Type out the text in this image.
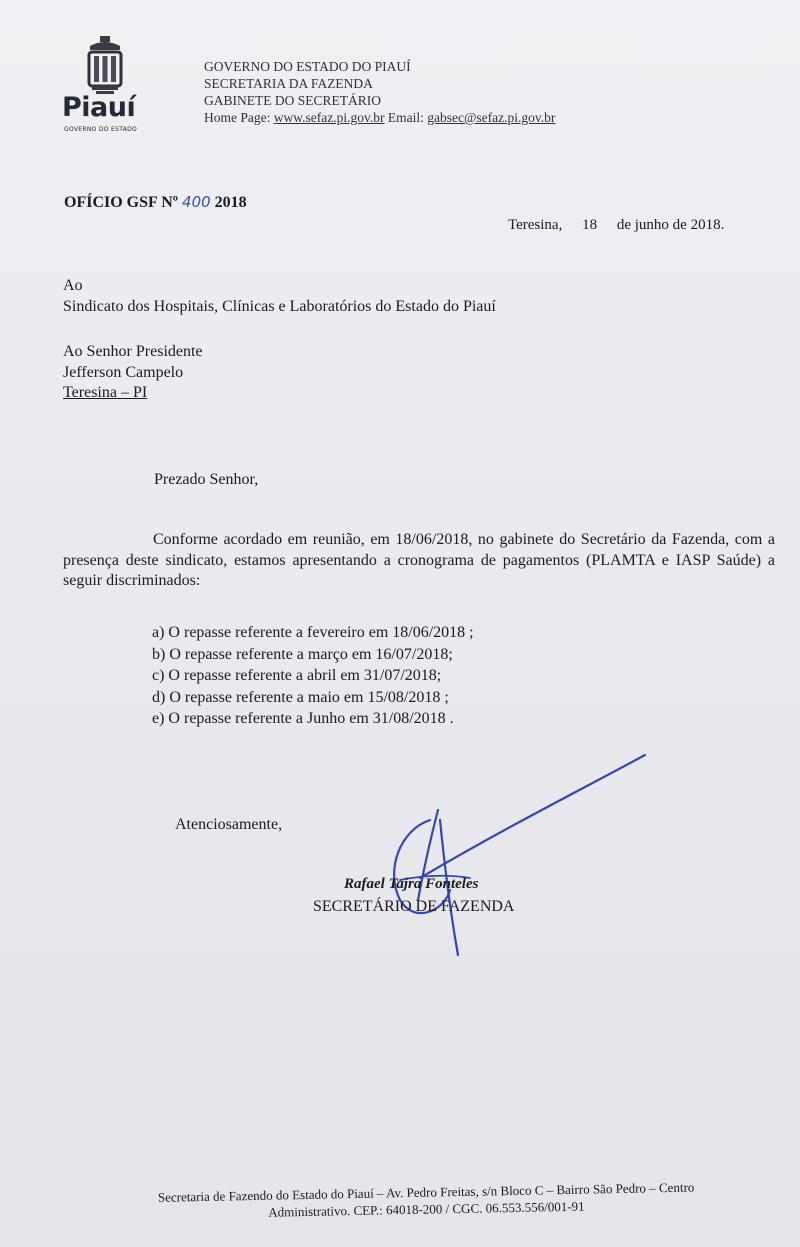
Piauí
GOVERNO DO ESTADO
GOVERNO DO ESTADO DO PIAUÍ
SECRETARIA DA FAZENDA
GABINETE DO SECRETÁRIO
Home Page: www.sefaz.pi.gov.br Email: gabsec@sefaz.pi.gov.br
OFÍCIO GSF Nº 400 2018
Teresina, 18 de junho de 2018.
Ao
Sindicato dos Hospitais, Clínicas e Laboratórios do Estado do Piauí
Ao Senhor Presidente
Jefferson Campelo
Teresina – PI
Prezado Senhor,
Conforme acordado em reunião, em 18/06/2018, no gabinete do Secretário da Fazenda, com a presença deste sindicato, estamos apresentando a cronograma de pagamentos (PLAMTA e IASP Saúde) a seguir discriminados:
a) O repasse referente a fevereiro em 18/06/2018 ;
b) O repasse referente a março em 16/07/2018;
c) O repasse referente a abril em 31/07/2018;
d) O repasse referente a maio em 15/08/2018 ;
e) O repasse referente a Junho em 31/08/2018 .
Atenciosamente,
Rafael Tajra Fonteles
SECRETÁRIO DE FAZENDA
Secretaria de Fazendo do Estado do Piauí – Av. Pedro Freitas, s/n Bloco C – Bairro São Pedro – Centro
Administrativo. CEP.: 64018-200 / CGC. 06.553.556/001-91
